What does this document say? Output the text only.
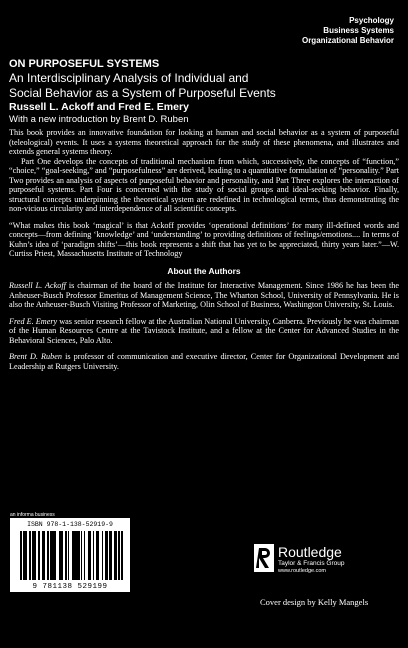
Psychology
Business Systems
Organizational Behavior
ON PURPOSEFUL SYSTEMS
An Interdisciplinary Analysis of Individual and
Social Behavior as a System of Purposeful Events
Russell L. Ackoff and Fred E. Emery
With a new introduction by Brent D. Ruben

This book provides an innovative foundation for looking at human and social behavior as a system of purposeful (teleological) events. It uses a systems theoretical approach for the study of these phenomena, and illustrates and extends general systems theory.

Part One develops the concepts of traditional mechanism from which, successively, the concepts of “function,” “choice,” “goal-seeking,” and “purposefulness” are derived, leading to a quantitative formulation of “personality.” Part Two provides an analysis of aspects of purposeful behavior and personality, and Part Three explores the interaction of purposeful systems. Part Four is concerned with the study of social groups and ideal-seeking behavior. Finally, structural concepts underpinning the theoretical system are redefined in technological terms, thus demonstrating the non-vicious circularity and interdependence of all scientific concepts.

“What makes this book ‘magical’ is that Ackoff provides ‘operational definitions’ for many ill-defined words and concepts—from defining ‘knowledge’ and ‘understanding’ to providing definitions of feelings/emotions.... In terms of Kuhn’s idea of ‘paradigm shifts’—this book represents a shift that has yet to be appreciated, thirty years later.”—W. Curtiss Priest, Massachusetts Institute of Technology

About the Authors

Russell L. Ackoff is chairman of the board of the Institute for Interactive Management. Since 1986 he has been the Anheuser-Busch Professor Emeritus of Management Science, The Wharton School, University of Pennsylvania. He is also the Anheuser-Busch Visiting Professor of Marketing, Olin School of Business, Washington University, St. Louis.

Fred E. Emery was senior research fellow at the Australian National University, Canberra. Previously he was chairman of the Human Resources Centre at the Tavistock Institute, and a fellow at the Center for Advanced Studies in the Behavioral Sciences, Palo Alto.

Brent D. Ruben is professor of communication and executive director, Center for Organizational Development and Leadership at Rutgers University.

an informa business
ISBN 978-1-138-52919-9
9 781138 529199
Routledge
Taylor & Francis Group
www.routledge.com
Cover design by Kelly Mangels
